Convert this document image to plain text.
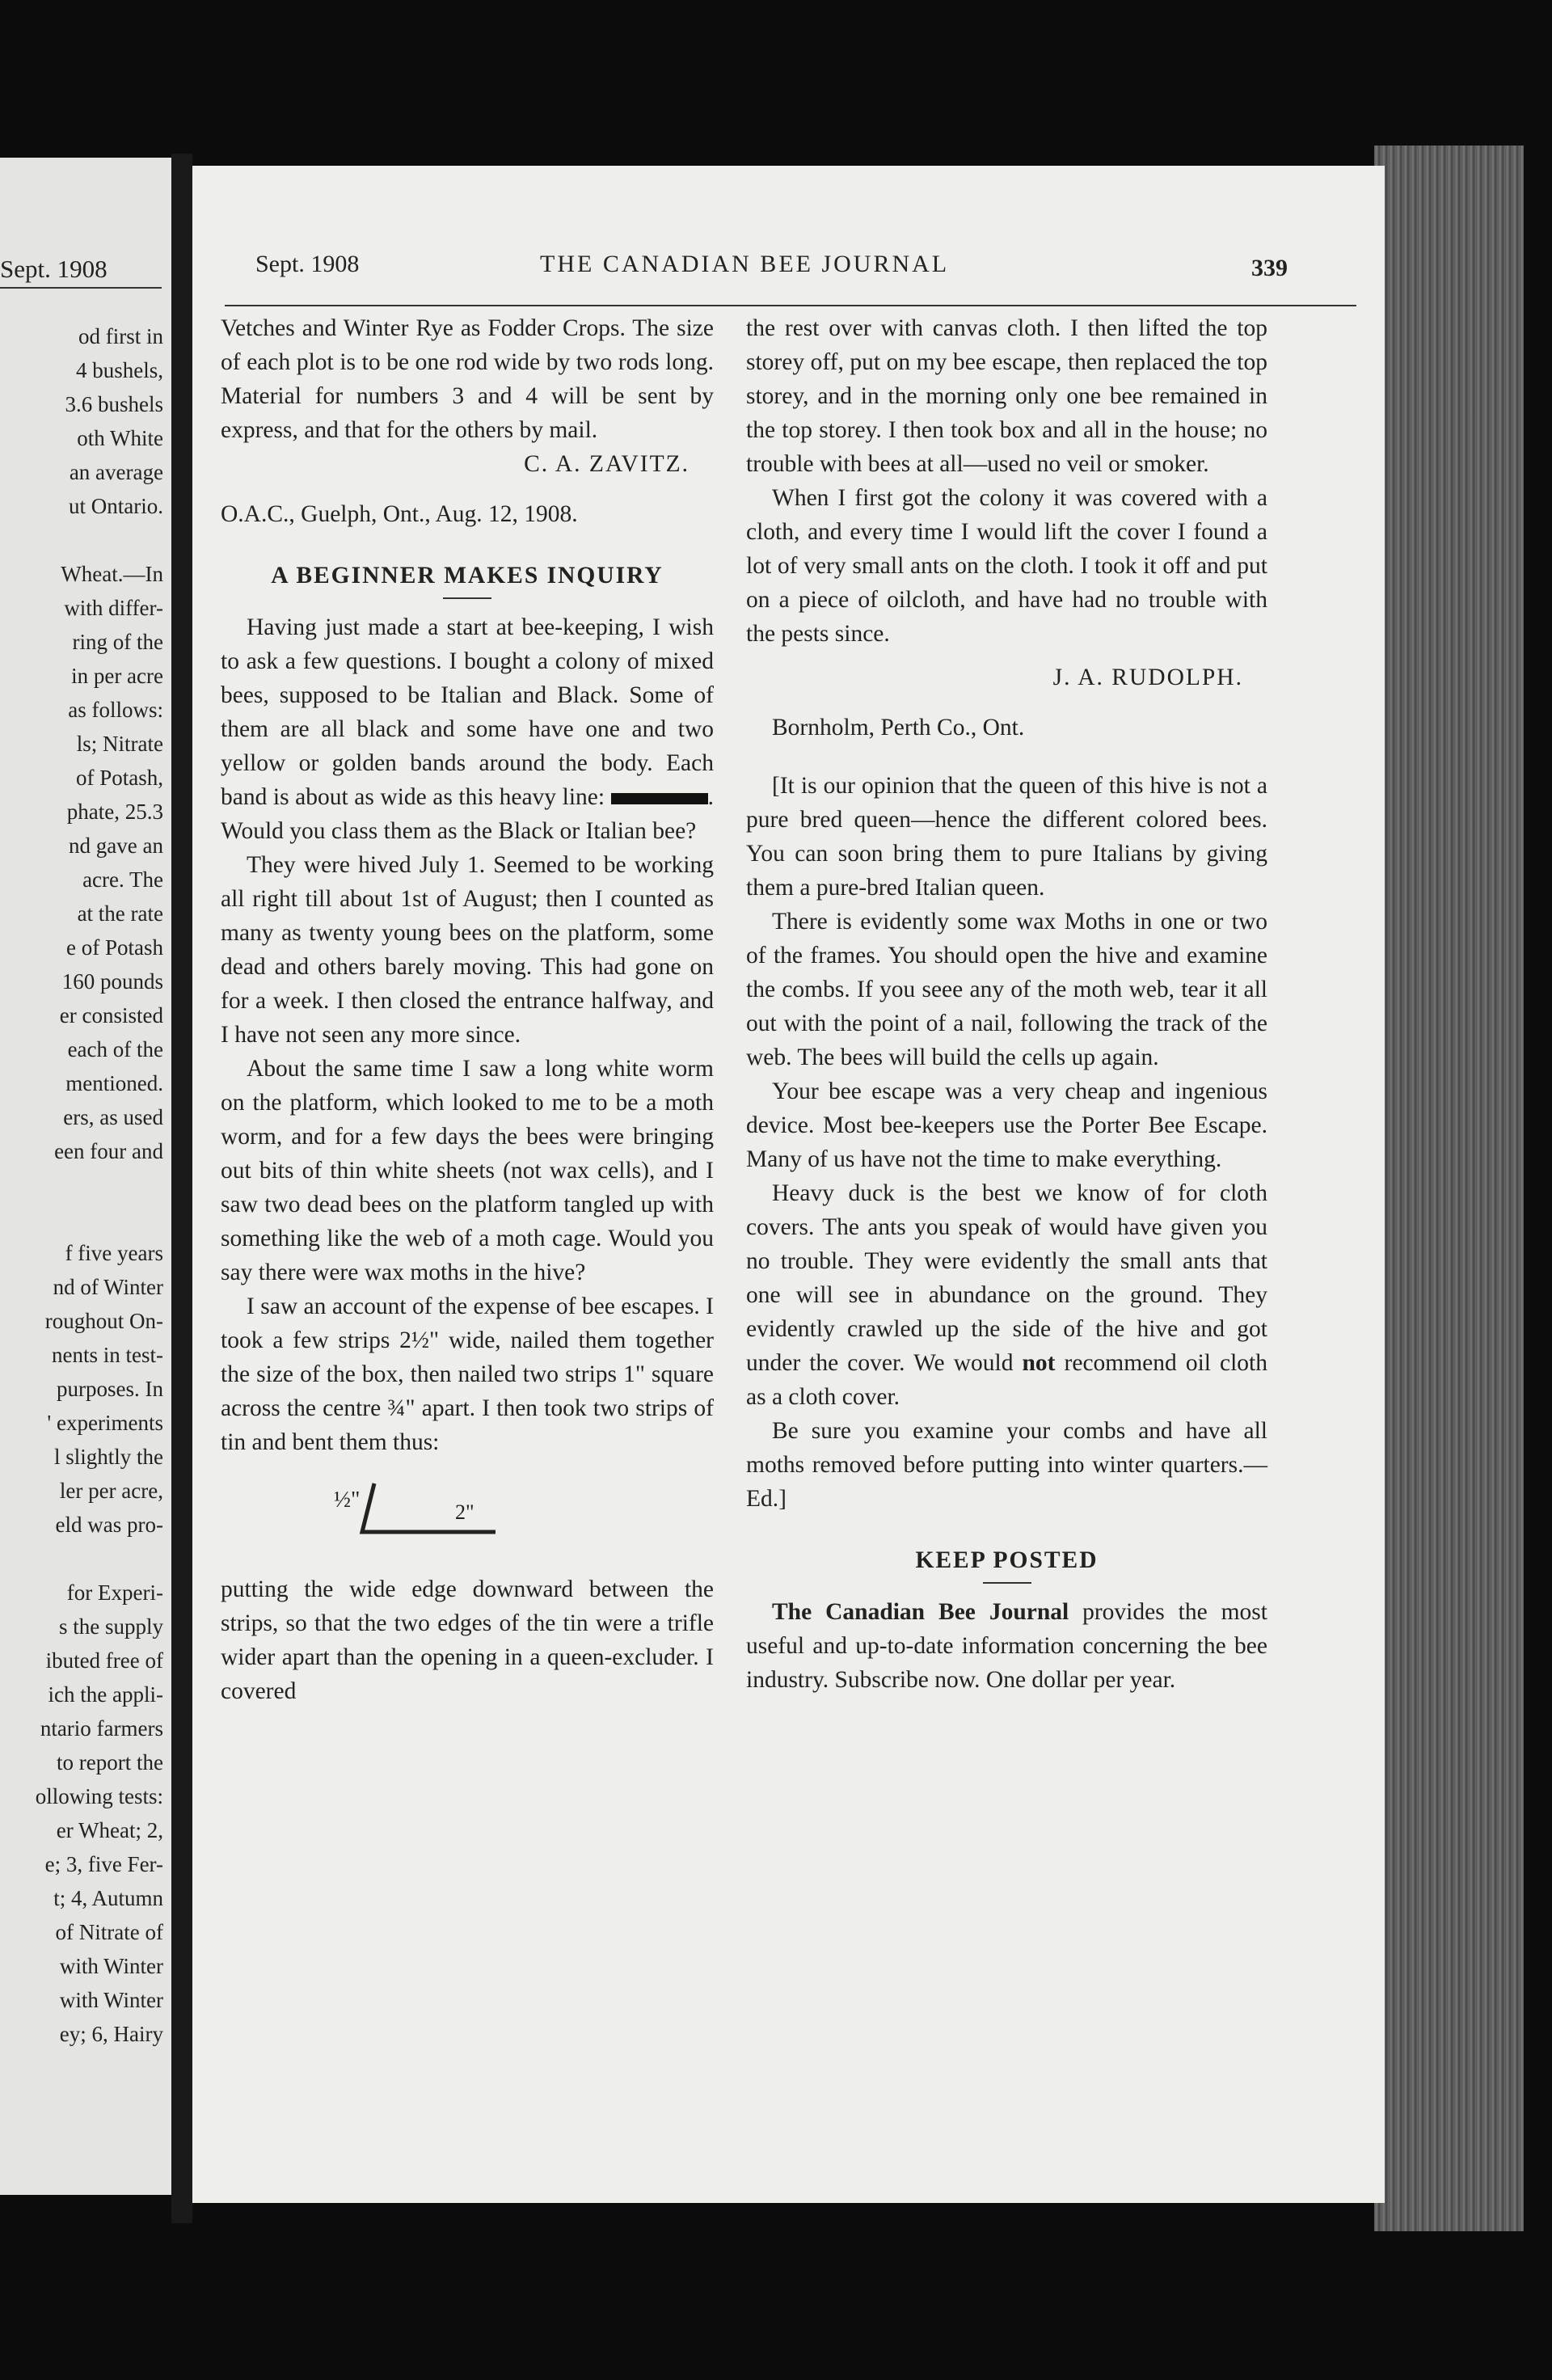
Sept. 1908
od first in
4 bushels,
3.6 bushels
oth White
an average
ut Ontario.
Wheat.—In
with differ-
ring of the
in per acre
as follows:
ls; Nitrate
of Potash,
phate, 25.3
nd gave an
acre. The
at the rate
e of Potash
160 pounds
er consisted
each of the
mentioned.
ers, as used
een four and
f five years
nd of Winter
roughout On-
nents in test-
purposes. In
' experiments
l slightly the
ler per acre,
eld was pro-
for Experi-
s the supply
ibuted free of
ich the appli-
ntario farmers
to report the
ollowing tests:
er Wheat; 2,
e; 3, five Fer-
t; 4, Autumn
of Nitrate of
with Winter
with Winter
ey; 6, Hairy
Sept. 1908	THE CANADIAN BEE JOURNAL	339

Vetches and Winter Rye as Fodder Crops. The size of each plot is to be one rod wide by two rods long. Material for numbers 3 and 4 will be sent by express, and that for the others by mail.

C. A. ZAVITZ.

O.A.C., Guelph, Ont., Aug. 12, 1908.

A BEGINNER MAKES INQUIRY

Having just made a start at bee-keeping, I wish to ask a few questions. I bought a colony of mixed bees, supposed to be Italian and Black. Some of them are all black and some have one and two yellow or golden bands around the body. Each band is about as wide as this heavy line:	. Would you class them as the Black or Italian bee?

They were hived July 1. Seemed to be working all right till about 1st of August; then I counted as many as twenty young bees on the platform, some dead and others barely moving. This had gone on for a week. I then closed the entrance halfway, and I have not seen any more since.

About the same time I saw a long white worm on the platform, which looked to me to be a moth worm, and for a few days the bees were bringing out bits of thin white sheets (not wax cells), and I saw two dead bees on the platform tangled up with something like the web of a moth cage. Would you say there were wax moths in the hive?

I saw an account of the expense of bee escapes. I took a few strips 2½" wide, nailed them together the size of the box, then nailed two strips 1" square across the centre ¾" apart. I then took two strips of tin and bent them thus:

½"	2"

putting the wide edge downward between the strips, so that the two edges of the tin were a trifle wider apart than the opening in a queen-excluder. I covered

the rest over with canvas cloth. I then lifted the top storey off, put on my bee escape, then replaced the top storey, and in the morning only one bee remained in the top storey. I then took box and all in the house; no trouble with bees at all—used no veil or smoker.

When I first got the colony it was covered with a cloth, and every time I would lift the cover I found a lot of very small ants on the cloth. I took it off and put on a piece of oilcloth, and have had no trouble with the pests since.

J. A. RUDOLPH.

Bornholm, Perth Co., Ont.

[It is our opinion that the queen of this hive is not a pure bred queen—hence the different colored bees. You can soon bring them to pure Italians by giving them a pure-bred Italian queen.

There is evidently some wax Moths in one or two of the frames. You should open the hive and examine the combs. If you seee any of the moth web, tear it all out with the point of a nail, following the track of the web. The bees will build the cells up again.

Your bee escape was a very cheap and ingenious device. Most bee-keepers use the Porter Bee Escape. Many of us have not the time to make everything.

Heavy duck is the best we know of for cloth covers. The ants you speak of would have given you no trouble. They were evidently the small ants that one will see in abundance on the ground. They evidently crawled up the side of the hive and got under the cover. We would not recommend oil cloth as a cloth cover.

Be sure you examine your combs and have all moths removed before putting into winter quarters.—Ed.]

KEEP POSTED

The Canadian Bee Journal provides the most useful and up-to-date information concerning the bee industry. Subscribe now. One dollar per year.
